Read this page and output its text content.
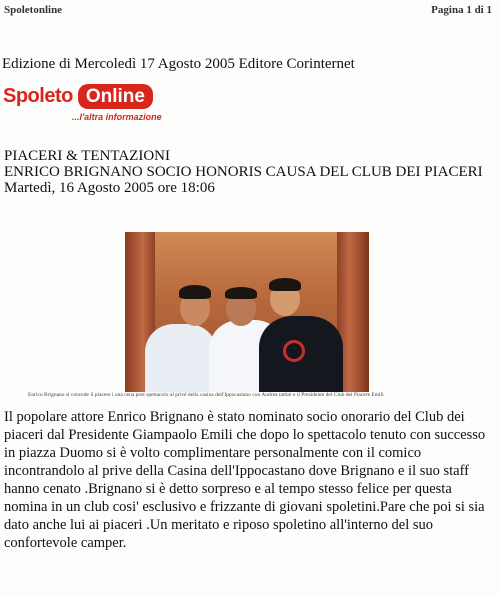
Spoletonline	Pagina 1 di 1
Edizione di Mercoledì 17 Agosto 2005 Editore Corinternet
Spoleto Online
...l'altra informazione
PIACERI & TENTAZIONI
ENRICO BRIGNANO SOCIO HONORIS CAUSA DEL CLUB DEI PIACERI
Martedì, 16 Agosto 2005 ore 18:06
Enrico Brignano si concede il piacere i una cena post spettacolo al privé della casina dell'Ippocastano con Andrea tattini e il Presidente del Club dei Piacere Emili
Il popolare attore Enrico Brignano è stato nominato socio onorario del Club dei piaceri dal Presidente Giampaolo Emili che dopo lo spettacolo tenuto con successo in piazza Duomo si è volto complimentare personalmente con il comico incontrandolo al prive della Casina dell'Ippocastano dove Brignano e il suo staff hanno cenato .Brignano si è detto sorpreso e al tempo stesso felice per questa nomina in un club cosi' esclusivo e frizzante di giovani spoletini.Pare che poi si sia dato anche lui ai piaceri .Un meritato e riposo spoletino all'interno del suo confortevole camper.
